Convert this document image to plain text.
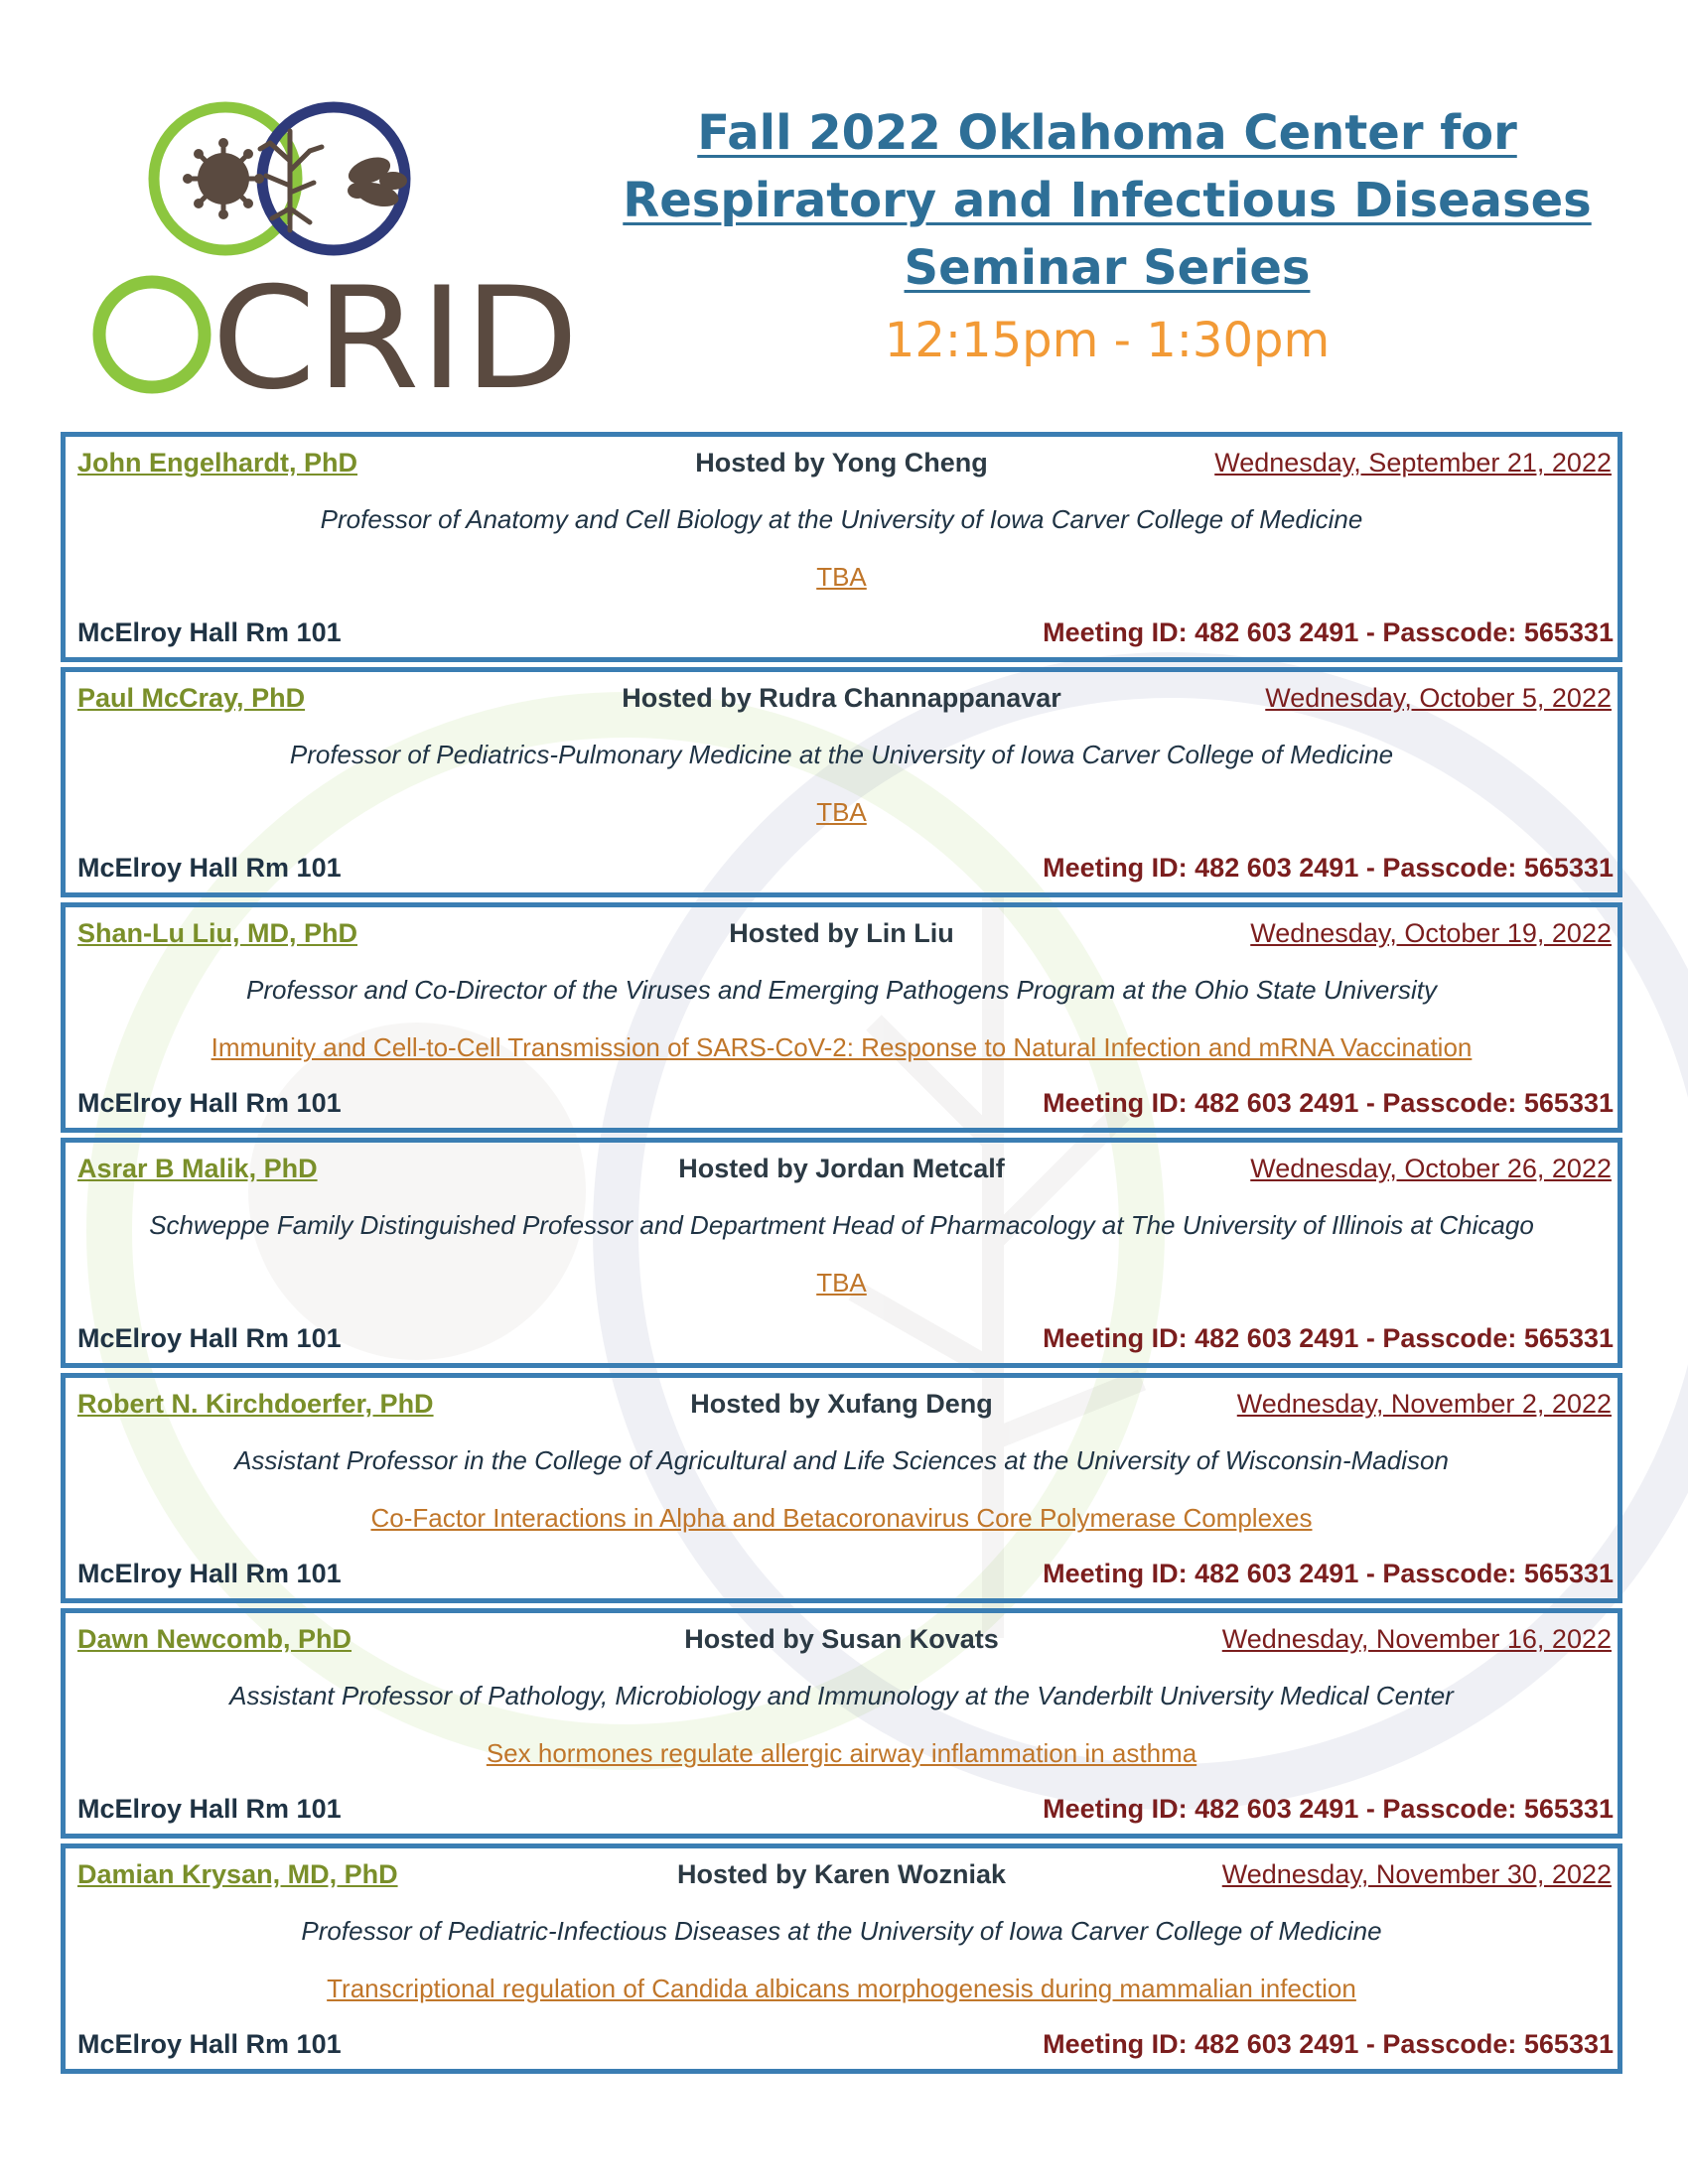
CRID
Fall 2022 Oklahoma Center for
Respiratory and Infectious Diseases
Seminar Series
12:15pm - 1:30pm
John Engelhardt, PhD	Hosted by Yong Cheng	Wednesday, September 21, 2022
Professor of Anatomy and Cell Biology at the University of Iowa Carver College of Medicine
TBA
McElroy Hall Rm 101	Meeting ID: 482 603 2491 - Passcode: 565331
Paul McCray, PhD	Hosted by Rudra Channappanavar	Wednesday, October 5, 2022
Professor of Pediatrics-Pulmonary Medicine at the University of Iowa Carver College of Medicine
TBA
McElroy Hall Rm 101	Meeting ID: 482 603 2491 - Passcode: 565331
Shan-Lu Liu, MD, PhD	Hosted by Lin Liu	Wednesday, October 19, 2022
Professor and Co-Director of the Viruses and Emerging Pathogens Program at the Ohio State University
Immunity and Cell-to-Cell Transmission of SARS-CoV-2: Response to Natural Infection and mRNA Vaccination
McElroy Hall Rm 101	Meeting ID: 482 603 2491 - Passcode: 565331
Asrar B Malik, PhD	Hosted by Jordan Metcalf	Wednesday, October 26, 2022
Schweppe Family Distinguished Professor and Department Head of Pharmacology at The University of Illinois at Chicago
TBA
McElroy Hall Rm 101	Meeting ID: 482 603 2491 - Passcode: 565331
Robert N. Kirchdoerfer, PhD	Hosted by Xufang Deng	Wednesday, November 2, 2022
Assistant Professor in the College of Agricultural and Life Sciences at the University of Wisconsin-Madison
Co-Factor Interactions in Alpha and Betacoronavirus Core Polymerase Complexes
McElroy Hall Rm 101	Meeting ID: 482 603 2491 - Passcode: 565331
Dawn Newcomb, PhD	Hosted by Susan Kovats	Wednesday, November 16, 2022
Assistant Professor of Pathology, Microbiology and Immunology at the Vanderbilt University Medical Center
Sex hormones regulate allergic airway inflammation in asthma
McElroy Hall Rm 101	Meeting ID: 482 603 2491 - Passcode: 565331
Damian Krysan, MD, PhD	Hosted by Karen Wozniak	Wednesday, November 30, 2022
Professor of Pediatric-Infectious Diseases at the University of Iowa Carver College of Medicine
Transcriptional regulation of Candida albicans morphogenesis during mammalian infection
McElroy Hall Rm 101	Meeting ID: 482 603 2491 - Passcode: 565331
